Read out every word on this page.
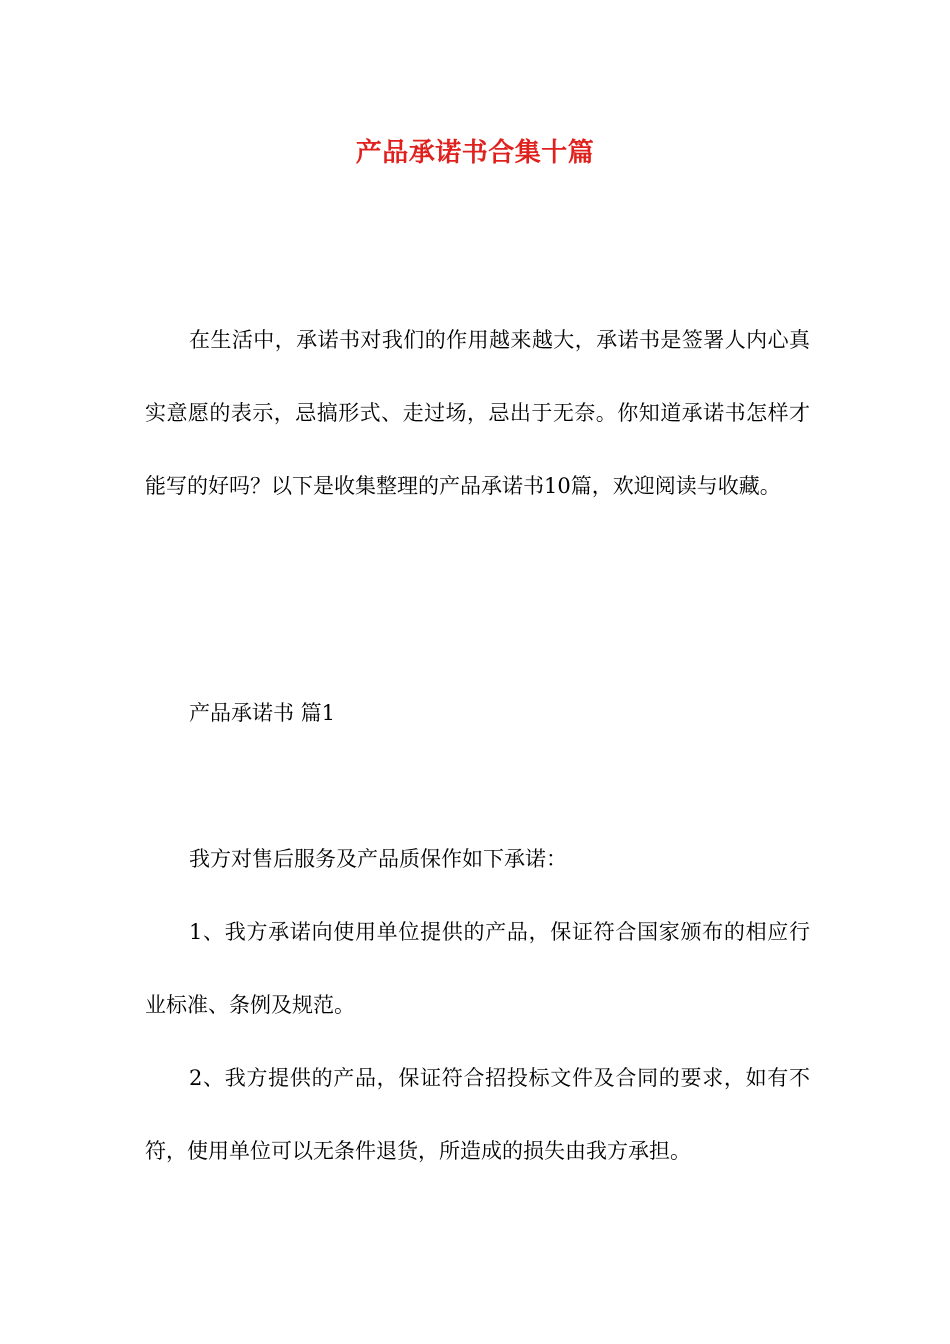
产品承诺书合集十篇

在生活中，承诺书对我们的作用越来越大，承诺书是签署人内心真实意愿的表示，忌搞形式、走过场，忌出于无奈。你知道承诺书怎样才能写的好吗？以下是收集整理的产品承诺书10篇，欢迎阅读与收藏。

产品承诺书 篇1

我方对售后服务及产品质保作如下承诺：

1、我方承诺向使用单位提供的产品，保证符合国家颁布的相应行业标准、条例及规范。

2、我方提供的产品，保证符合招投标文件及合同的要求，如有不符，使用单位可以无条件退货，所造成的损失由我方承担。
